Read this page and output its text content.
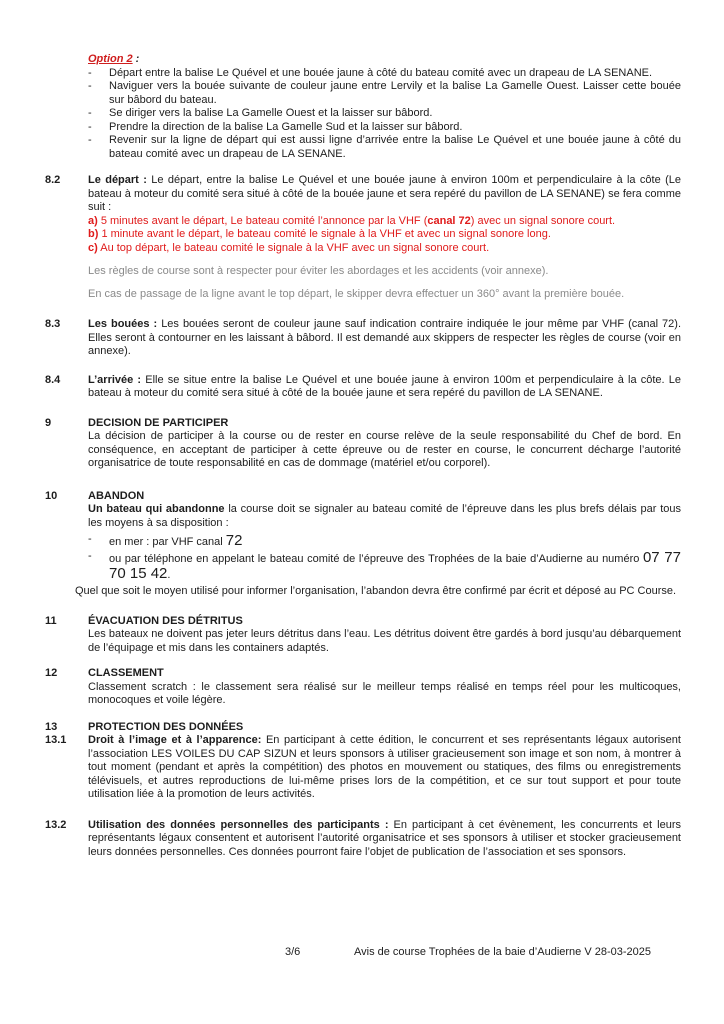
Option 2 :
-	Départ entre la balise Le Quével et une bouée jaune à côté du bateau comité avec un drapeau de LA SENANE.
-	Naviguer vers la bouée suivante de couleur jaune entre Lervily et la balise La Gamelle Ouest. Laisser cette bouée sur bâbord du bateau.
-	Se diriger vers la balise La Gamelle Ouest et la laisser sur bâbord.
-	Prendre la direction de la balise La Gamelle Sud et la laisser sur bâbord.
-	Revenir sur la ligne de départ qui est aussi ligne d’arrivée entre la balise Le Quével et une bouée jaune à côté du bateau comité avec un drapeau de LA SENANE.
8.2	Le départ : Le départ, entre la balise Le Quével et une bouée jaune à environ 100m et perpendiculaire à la côte (Le bateau à moteur du comité sera situé à côté de la bouée jaune et sera repéré du pavillon de LA SENANE) se fera comme suit :
a) 5 minutes avant le départ, Le bateau comité l’annonce par la VHF (canal 72) avec un signal sonore court.
b) 1 minute avant le départ, le bateau comité le signale à la VHF et avec un signal sonore long.
c) Au top départ, le bateau comité le signale à la VHF avec un signal sonore court.
Les règles de course sont à respecter pour éviter les abordages et les accidents (voir annexe).
En cas de passage de la ligne avant le top départ, le skipper devra effectuer un 360° avant la première bouée.
8.3	Les bouées : Les bouées seront de couleur jaune sauf indication contraire indiquée le jour même par VHF (canal 72). Elles seront à contourner en les laissant à bâbord. Il est demandé aux skippers de respecter les règles de course (voir en annexe).
8.4	L’arrivée : Elle se situe entre la balise Le Quével et une bouée jaune à environ 100m et perpendiculaire à la côte. Le bateau à moteur du comité sera situé à côté de la bouée jaune et sera repéré du pavillon de LA SENANE.
9	DECISION DE PARTICIPER
La décision de participer à la course ou de rester en course relève de la seule responsabilité du Chef de bord. En conséquence, en acceptant de participer à cette épreuve ou de rester en course, le concurrent décharge l’autorité organisatrice de toute responsabilité en cas de dommage (matériel et/ou corporel).
10	ABANDON
Un bateau qui abandonne la course doit se signaler au bateau comité de l’épreuve dans les plus brefs délais par tous les moyens à sa disposition :
-	en mer : par VHF canal 72
-	ou par téléphone en appelant le bateau comité de l’épreuve des Trophées de la baie d’Audierne au numéro 07 77 70 15 42.
Quel que soit le moyen utilisé pour informer l’organisation, l’abandon devra être confirmé par écrit et déposé au PC Course.
11	ÉVACUATION DES DÉTRITUS
Les bateaux ne doivent pas jeter leurs détritus dans l’eau. Les détritus doivent être gardés à bord jusqu’au débarquement de l’équipage et mis dans les containers adaptés.
12	CLASSEMENT
Classement scratch : le classement sera réalisé sur le meilleur temps réalisé en temps réel pour les multicoques, monocoques et voile légère.
13	PROTECTION DES DONNÉES
13.1	Droit à l’image et à l’apparence: En participant à cette édition, le concurrent et ses représentants légaux autorisent l’association LES VOILES DU CAP SIZUN et leurs sponsors à utiliser gracieusement son image et son nom, à montrer à tout moment (pendant et après la compétition) des photos en mouvement ou statiques, des films ou enregistrements télévisuels, et autres reproductions de lui-même prises lors de la compétition, et ce sur tout support et pour toute utilisation liée à la promotion de leurs activités.
13.2	Utilisation des données personnelles des participants : En participant à cet évènement, les concurrents et leurs représentants légaux consentent et autorisent l’autorité organisatrice et ses sponsors à utiliser et stocker gracieusement leurs données personnelles. Ces données pourront faire l’objet de publication de l’association et ses sponsors.
3/6	Avis de course Trophées de la baie d’Audierne V 28-03-2025
